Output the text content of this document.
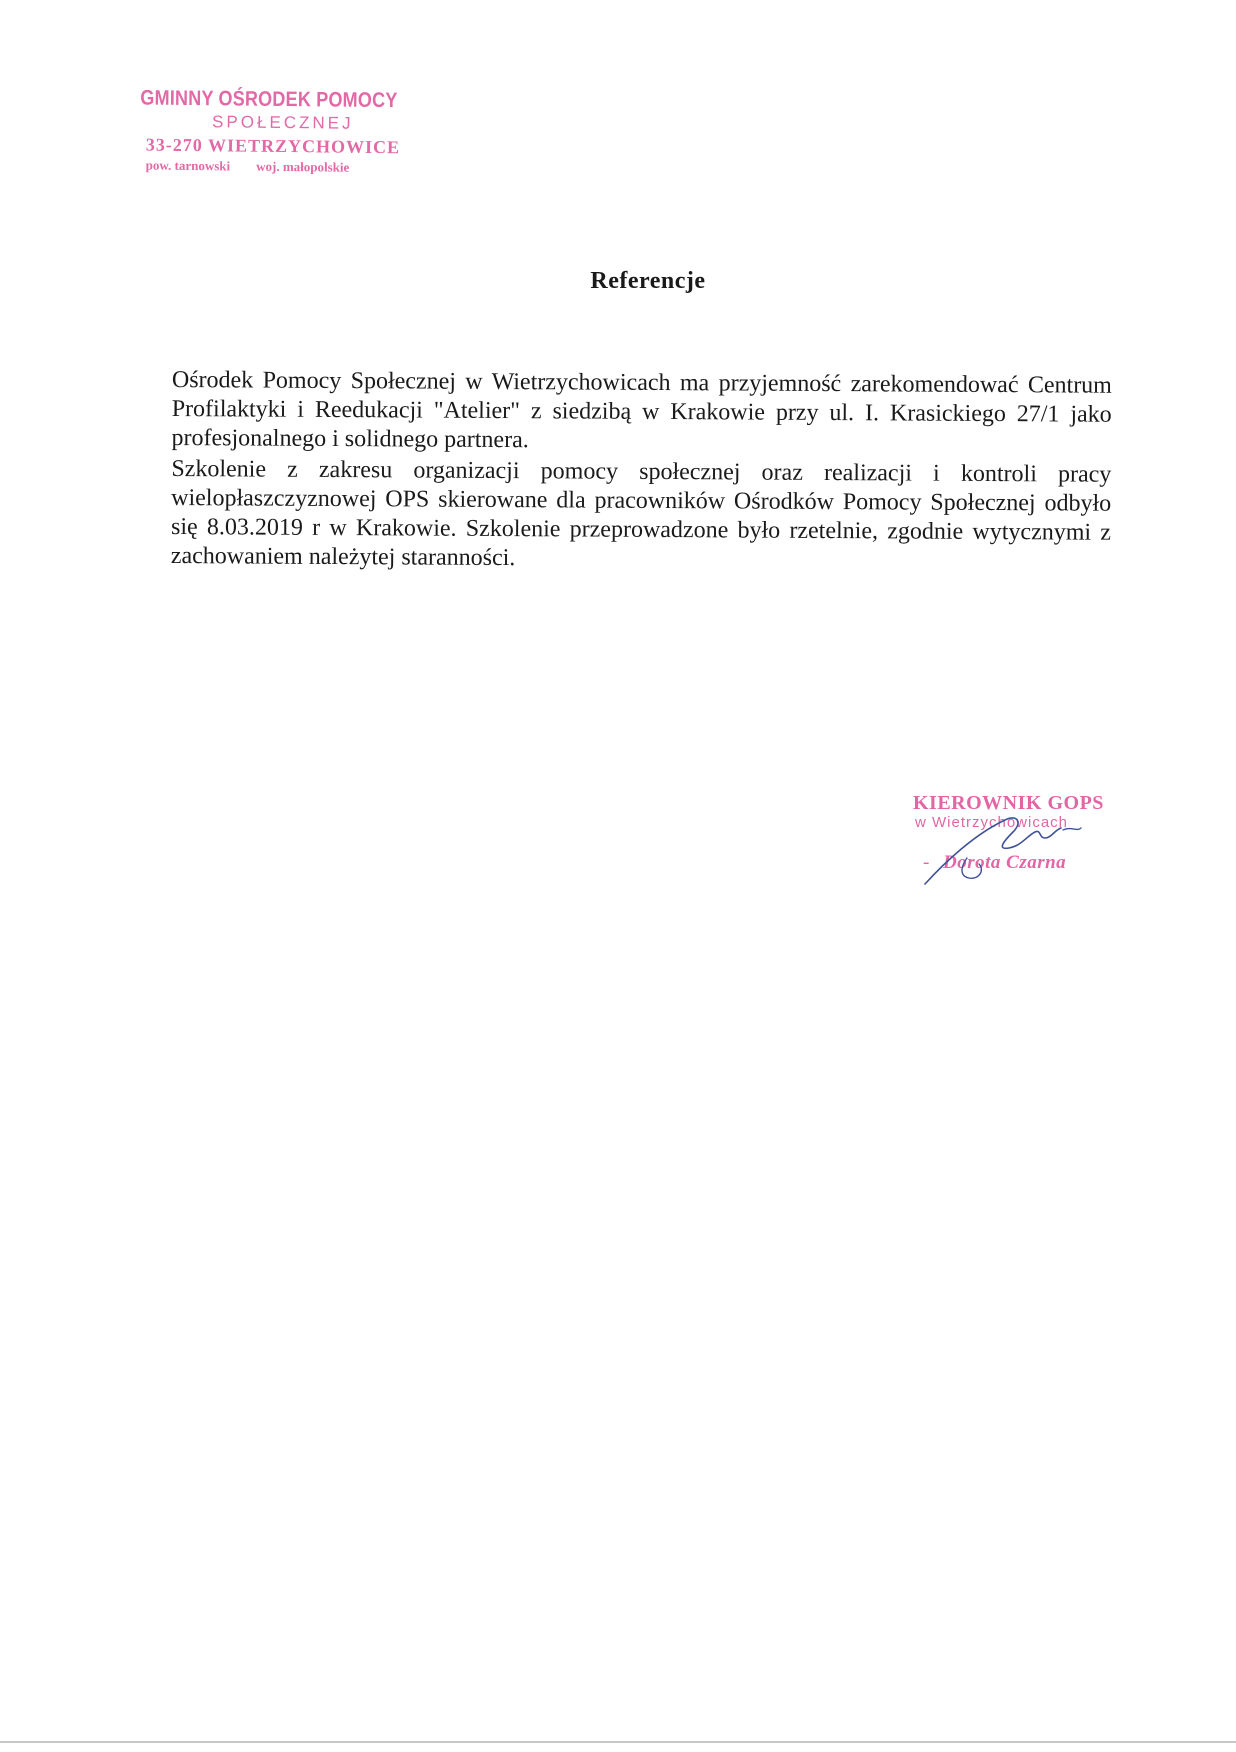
GMINNY OŚRODEK POMOCY
SPOŁECZNEJ
33-270 WIETRZYCHOWICE
pow. tarnowski woj. małopolskie
Referencje

Ośrodek Pomocy Społecznej w Wietrzychowicach ma przyjemność zarekomendować Centrum Profilaktyki i Reedukacji "Atelier" z siedzibą w Krakowie przy ul. I. Krasickiego 27/1 jako profesjonalnego i solidnego partnera.

Szkolenie z zakresu organizacji pomocy społecznej oraz realizacji i kontroli pracy wielopłaszczyznowej OPS skierowane dla pracowników Ośrodków Pomocy Społecznej odbyło się 8.03.2019 r w Krakowie. Szkolenie przeprowadzone było rzetelnie, zgodnie wytycznymi z zachowaniem należytej staranności.

KIEROWNIK GOPS
w Wietrzychowicach
- Dorota Czarna
